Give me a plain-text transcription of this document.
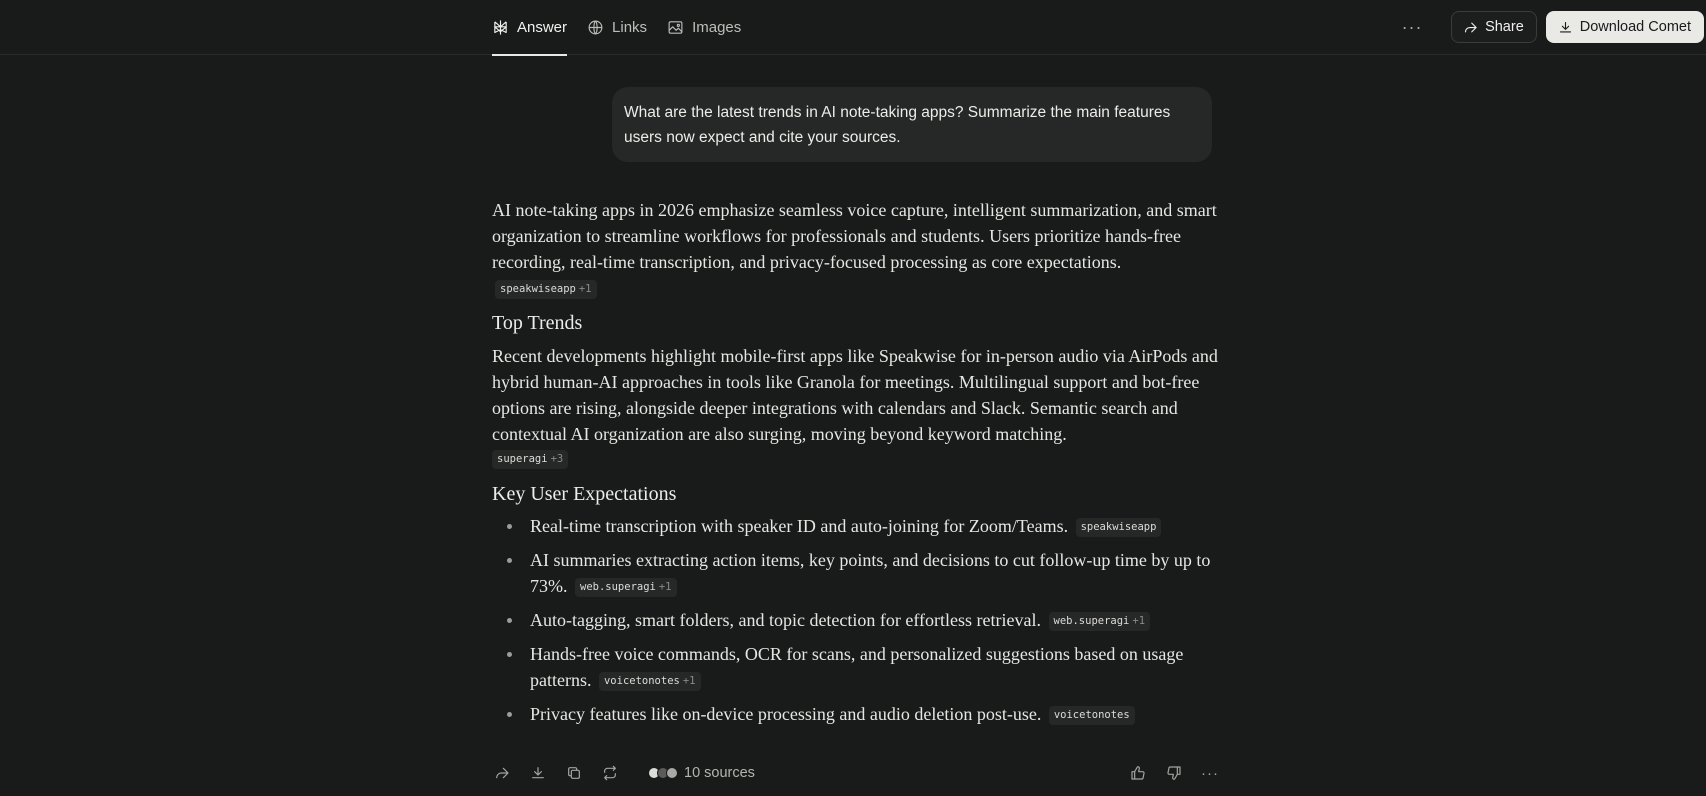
Answer	Links	Images	···	Share	Download Comet
What are the latest trends in AI note-taking apps? Summarize the main features users now expect and cite your sources.

AI note-taking apps in 2026 emphasize seamless voice capture, intelligent summarization, and smart organization to streamline workflows for professionals and students. Users prioritize hands-free recording, real-time transcription, and privacy-focused processing as core expectations. speakwiseapp +1

Top Trends

Recent developments highlight mobile-first apps like Speakwise for in-person audio via AirPods and hybrid human-AI approaches in tools like Granola for meetings. Multilingual support and bot-free options are rising, alongside deeper integrations with calendars and Slack. Semantic search and contextual AI organization are also surging, moving beyond keyword matching.

superagi +3
Key User Expectations
Real-time transcription with speaker ID and auto-joining for Zoom/Teams. speakwiseapp
AI summaries extracting action items, key points, and decisions to cut follow-up time by up to 73%. web.superagi +1
Auto-tagging, smart folders, and topic detection for effortless retrieval. web.superagi +1
Hands-free voice commands, OCR for scans, and personalized suggestions based on usage patterns. voicetonotes +1
Privacy features like on-device processing and audio deletion post-use. voicetonotes
10 sources	···
